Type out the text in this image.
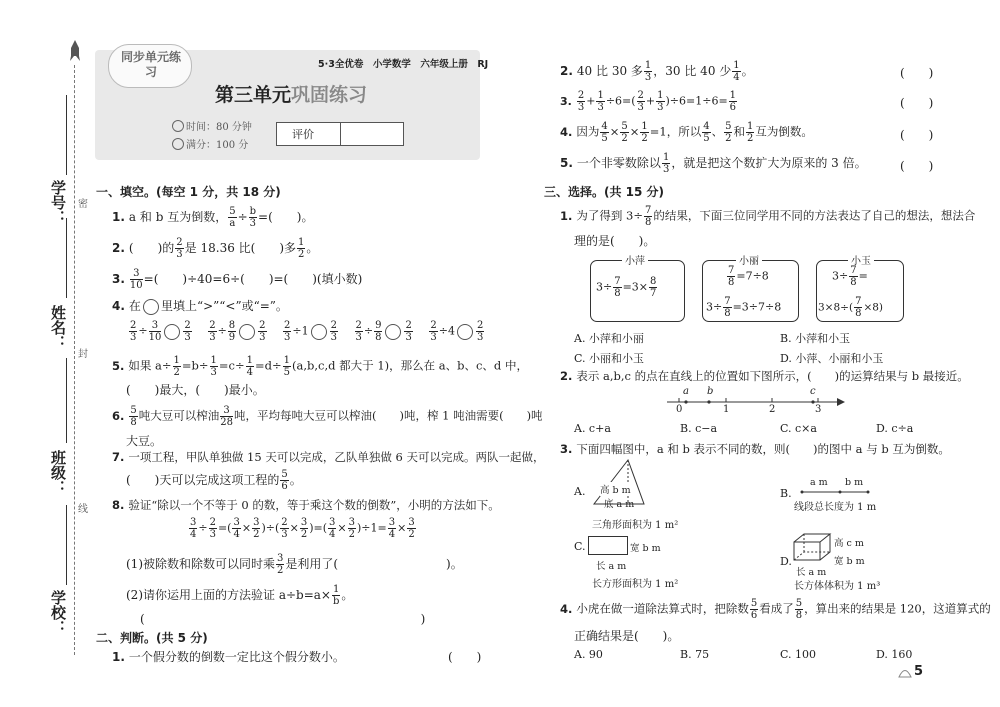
学号：
姓名：
班级：
学校：
密
封
线
同步单元练习
5·3全优卷　小学数学　六年级上册　RJ
第三单元巩固练习
时间：80 分钟
满分：100 分
评价
一、填空。(每空 1 分，共 18 分)
1. a 和 b 互为倒数， $\frac{5}{a} \div \frac{b}{3}$ =(　　)。
2. (　　)的 $\frac{2}{3}$ 是 18.36 比(　　)多 $\frac{1}{2}$ 。
3. $\frac{3}{10}$ =(　　)÷40=6÷(　　)=(　　)(填小数)
4. 在 里填上“>”“<”或“=”。
$\frac{2}{3} \div \frac{3}{10} \frac{2}{3}$
　 $\frac{2}{3} \div \frac{8}{9} \frac{2}{3}$
　 $\frac{2}{3} \div 1 \frac{2}{3}$
　 $\frac{2}{3} \div \frac{9}{8} \frac{2}{3}$
　 $\frac{2}{3} \div 4 \frac{2}{3}$
5. 如果 $a\div \frac{1}{2} =b\div \frac{1}{3} =c\div \frac{1}{4} =d\div \frac{1}{5} (a,b,c,d$ 都大于 1)，那么在 a、b、c、d 中，
(　　)最大，(　　)最小。
6. $\frac{5}{8}$ 吨大豆可以榨油 $\frac{3}{28}$ 吨，平均每吨大豆可以榨油(　　)吨，榨 1 吨油需要(　　)吨
大豆。
7. 一项工程，甲队单独做 15 天可以完成，乙队单独做 6 天可以完成。两队一起做，
(　　)天可以完成这项工程的 $\frac{5}{6}$ 。
8. 验证“除以一个不等于 0 的数，等于乘这个数的倒数”，小明的方法如下。
$\frac{3}{4} \div \frac{2}{3}$ =( $\frac{3}{4} \times \frac{3}{2}$ )÷( $\frac{2}{3} \times \frac{3}{2}$ )=( $\frac{3}{4} \times \frac{3}{2} )\div 1= \frac{3}{4} \times \frac{3}{2}$
(1)被除数和除数可以同时乘 $\frac{3}{2}$ 是利用了(　　　　　　　　　)。
(2)请你运用上面的方法验证 $a\div b=a\times \frac{1}{b}$ 。
(　　　　　　　　　　　　　　　　　　　　　　　)
二、判断。(共 5 分)
1. 一个假分数的倒数一定比这个假分数小。	(　　)
2. 40 比 30 多 $\frac{1}{3}$ ，30 比 40 少 $\frac{1}{4}$ 。	(　　)
3. $\frac{2}{3} + \frac{1}{3} \div 6=( \frac{2}{3} + \frac{1}{3} )\div 6=1\div 6= \frac{1}{6}$	(　　)
4. 因为 $\frac{4}{5} \times \frac{5}{2} \times \frac{1}{2} =1$，所以 $\frac{4}{5}$ 、 $\frac{5}{2}$ 和 $\frac{1}{2}$ 互为倒数。	(　　)
5. 一个非零数除以 $\frac{1}{3}$ ，就是把这个数扩大为原来的 3 倍。	(　　)
三、选择。(共 15 分)
1. 为了得到 $3\div \frac{7}{8}$ 的结果，下面三位同学用不同的方法表达了自己的想法，想法合
理的是(　　)。
小萍
$3\div \frac{7}{8} =3\times \frac{8}{7}$
小丽
$\frac{7}{8} =7\div 8$
$3\div \frac{7}{8} =3\div 7\div 8$
小玉
$3\div \frac{7}{8}$ =
$3\times 8\div( \frac{7}{8} \times 8)$
A. 小萍和小丽	B. 小萍和小玉
C. 小丽和小玉	D. 小萍、小丽和小玉
2. 表示 a,b,c 的点在直线上的位置如下图所示，(　　)的运算结果与 b 最接近。
0	1	2	3
a b	c
A. c+a	B. c−a	C. c×a	D. c÷a
3. 下面四幅图中，a 和 b 表示不同的数，则(　　)的图中 a 与 b 互为倒数。
A. 高 b m
底 a m
三角形面积为 1 m²
B.
a m b m
线段总长度为 1 m
C.	宽 b m
长 a m
长方形面积为 1 m²
D.
高 c m
宽 b m
长 a m
长方体体积为 1 m³
4. 小虎在做一道除法算式时，把除数 $\frac{5}{6}$ 看成了 $\frac{5}{8}$ ，算出来的结果是 120，这道算式的
正确结果是(　　)。
A. 90	B. 75	C. 100	D. 160
5
